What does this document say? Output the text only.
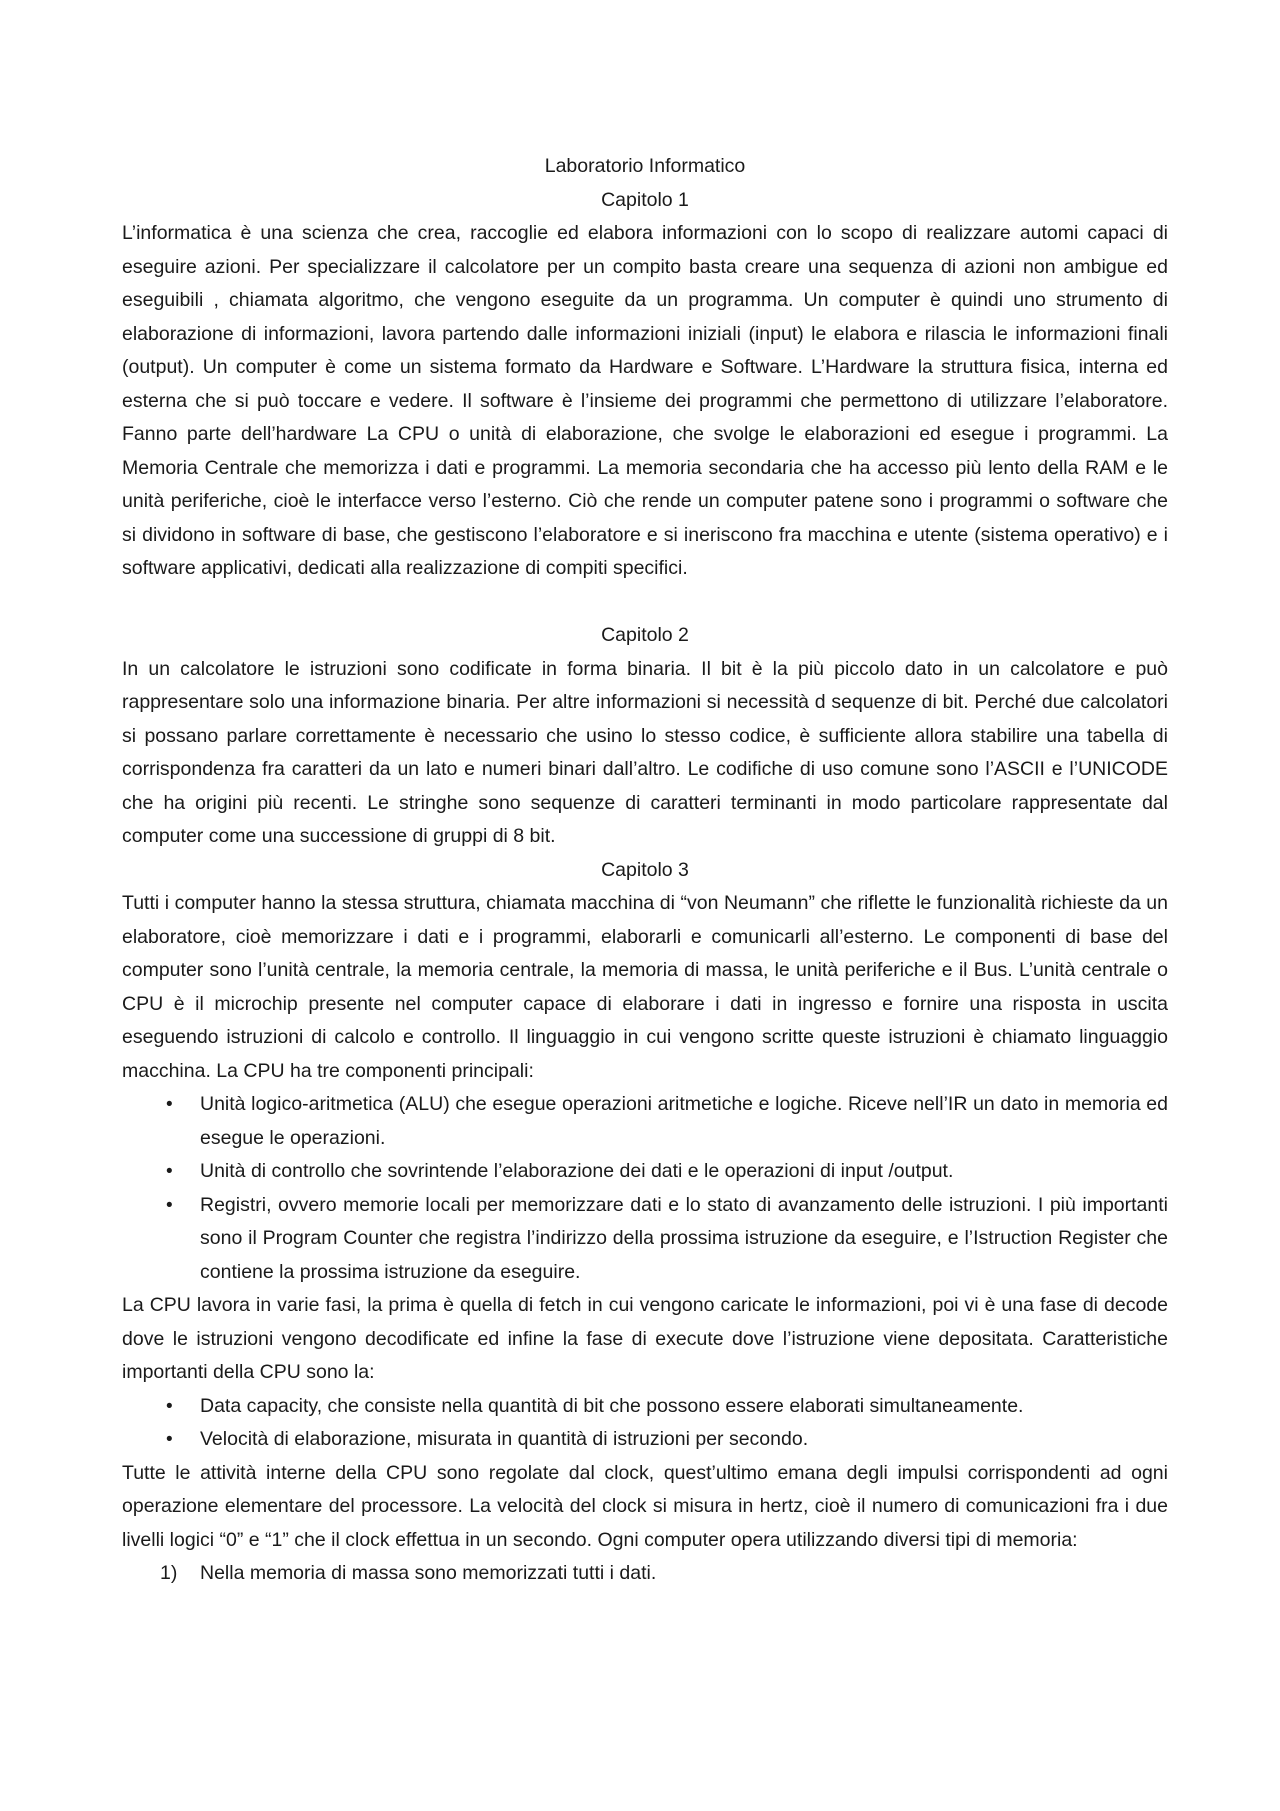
Laboratorio Informatico
Capitolo 1

L’informatica è una scienza che crea, raccoglie ed elabora informazioni con lo scopo di realizzare automi capaci di eseguire azioni. Per specializzare il calcolatore per un compito basta creare una sequenza di azioni non ambigue ed eseguibili , chiamata algoritmo, che vengono eseguite da un programma. Un computer è quindi uno strumento di elaborazione di informazioni, lavora partendo dalle informazioni iniziali (input) le elabora e rilascia le informazioni finali (output). Un computer è come un sistema formato da Hardware e Software. L’Hardware la struttura fisica, interna ed esterna che si può toccare e vedere. Il software è l’insieme dei programmi che permettono di utilizzare l’elaboratore. Fanno parte dell’hardware La CPU o unità di elaborazione, che svolge le elaborazioni ed esegue i programmi. La Memoria Centrale che memorizza i dati e programmi. La memoria secondaria che ha accesso più lento della RAM e le unità periferiche, cioè le interfacce verso l’esterno. Ciò che rende un computer patene sono i programmi o software che si dividono in software di base, che gestiscono l’elaboratore e si ineriscono fra macchina e utente (sistema operativo) e i software applicativi, dedicati alla realizzazione di compiti specifici.

Capitolo 2

In un calcolatore le istruzioni sono codificate in forma binaria. Il bit è la più piccolo dato in un calcolatore e può rappresentare solo una informazione binaria. Per altre informazioni si necessità d sequenze di bit. Perché due calcolatori si possano parlare correttamente è necessario che usino lo stesso codice, è sufficiente allora stabilire una tabella di corrispondenza fra caratteri da un lato e numeri binari dall’altro. Le codifiche di uso comune sono l’ASCII e l’UNICODE che ha origini più recenti. Le stringhe sono sequenze di caratteri terminanti in modo particolare rappresentate dal computer come una successione di gruppi di 8 bit.

Capitolo 3

Tutti i computer hanno la stessa struttura, chiamata macchina di “von Neumann” che riflette le funzionalità richieste da un elaboratore, cioè memorizzare i dati e i programmi, elaborarli e comunicarli all’esterno. Le componenti di base del computer sono l’unità centrale, la memoria centrale, la memoria di massa, le unità periferiche e il Bus. L’unità centrale o CPU è il microchip presente nel computer capace di elaborare i dati in ingresso e fornire una risposta in uscita eseguendo istruzioni di calcolo e controllo. Il linguaggio in cui vengono scritte queste istruzioni è chiamato linguaggio macchina. La CPU ha tre componenti principali:

• Unità logico-aritmetica (ALU) che esegue operazioni aritmetiche e logiche. Riceve nell’IR un dato in memoria ed esegue le operazioni.
• Unità di controllo che sovrintende l’elaborazione dei dati e le operazioni di input /output.
• Registri, ovvero memorie locali per memorizzare dati e lo stato di avanzamento delle istruzioni. I più importanti sono il Program Counter che registra l’indirizzo della prossima istruzione da eseguire, e l’Istruction Register che contiene la prossima istruzione da eseguire.

La CPU lavora in varie fasi, la prima è quella di fetch in cui vengono caricate le informazioni, poi vi è una fase di decode dove le istruzioni vengono decodificate ed infine la fase di execute dove l’istruzione viene depositata. Caratteristiche importanti della CPU sono la:

• Data capacity, che consiste nella quantità di bit che possono essere elaborati simultaneamente.
• Velocità di elaborazione, misurata in quantità di istruzioni per secondo.

Tutte le attività interne della CPU sono regolate dal clock, quest’ultimo emana degli impulsi corrispondenti ad ogni operazione elementare del processore. La velocità del clock si misura in hertz, cioè il numero di comunicazioni fra i due livelli logici “0” e “1” che il clock effettua in un secondo. Ogni computer opera utilizzando diversi tipi di memoria:

1) Nella memoria di massa sono memorizzati tutti i dati.
